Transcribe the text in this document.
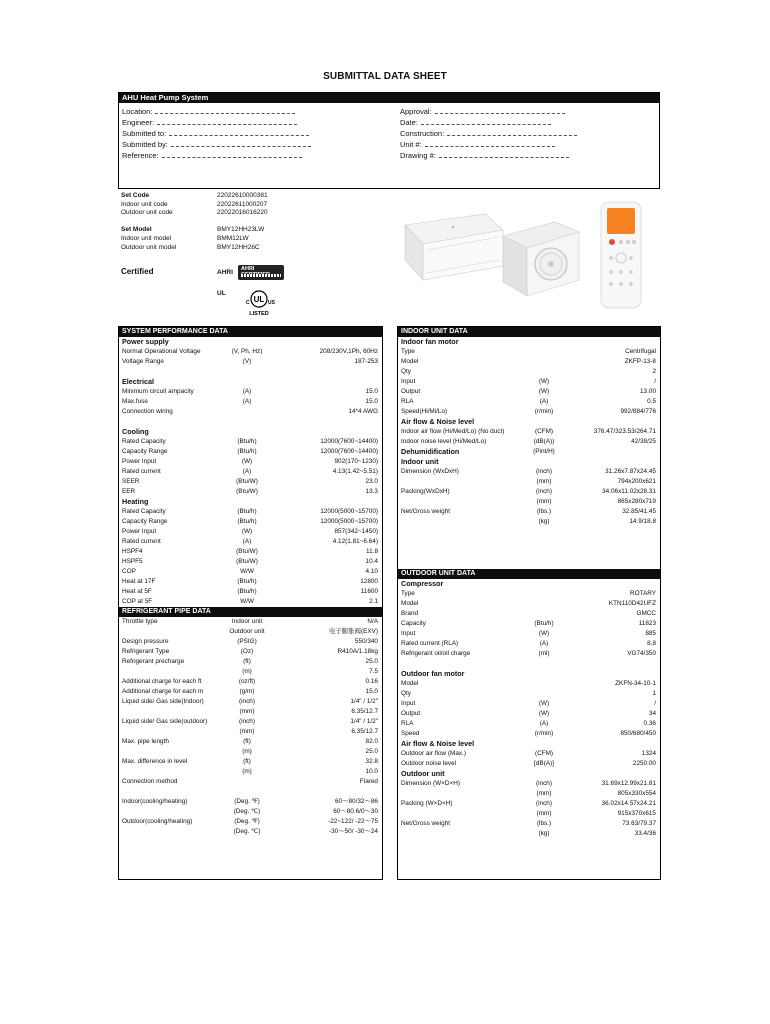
SUBMITTAL DATA SHEET
AHU Heat Pump System
Location:
Engineer:
Submitted to:
Submitted by:
Reference:
Approval:
Date:
Construction:
Unit #:
Drawing #:
Set Code	22022610000381
Indoor unit code	22022611000207
Outdoor unit code	22022016016220
Set Model	BMY12HH23LW
Indoor unit model	BMM12LW
Outdoor unit model	BMY12HH26C
Certified	AHRI	AHRI
UL
UL
C	US
LISTED
SYSTEM PERFORMANCE DATA
Power supply
Normal Operational Voltage	(V, Ph, Hz)	208/230V,1Ph, 60Hz
Voltage Range	(V)	187-253
Electrical
Minimum circuit ampacity	(A)	15.0
Max.fuse	(A)	15.0
Connection wiring	14*4 AWG
Cooling
Rated Capacity	(Btu/h)	12000(7600~14400)
Capacity Range	(Btu/h)	12000(7600~14400)
Power Input	(W)	902(170~1230)
Rated current	(A)	4.13(1.42~5.51)
SEER	(Btu/W)	23.0
EER	(Btu/W)	13.3
Heating
Rated Capacity	(Btu/h)	12000(5000~15700)
Capacity Range	(Btu/h)	12000(5000~15700)
Power Input	(W)	857(342~1450)
Rated current	(A)	4.12(1.81~6.64)
HSPF4	(Btu/W)	11.8
HSPF5	(Btu/W)	10.4
COP	W/W	4.10
Heat at 17F	(Btu/h)	12800
Heat at 5F	(Btu/h)	11600
COP at 5F	W/W	2.1
REFRIGERANT PIPE DATA
Throttle type	Indoor unit	N/A
Outdoor unit	电子膨胀阀(EXV)
Design pressure	(PSIG)	550/340
Refrigerant Type	(Oz)	R410A/1.18kg
Refrigerant precharge	(ft)	25.0
(m)	7.5
Additional charge for each ft	(oz/ft)	0.16
Additional charge for each m	(g/m)	15.0
Liquid side/ Gas side(Indoor)	(inch)	1/4" / 1/2"
(mm)	6.35/12.7
Liquid side/ Gas side(outdoor)	(inch)	1/4" / 1/2"
(mm)	6.35/12.7
Max. pipe length	(ft)	82.0
(m)	25.0
Max. difference in level	(ft)	32.8
(m)	10.0
Connection method	Flared
Indoor(cooling/heating)	(Deg. ℉)	60～80/32～86
(Deg. ℃)	60～80.6/0～30
Outdoor(cooling/heating)	(Deg. ℉)	-22~122/ -22～75
(Deg. ℃)	-30～50/ -30～24
INDOOR UNIT DATA
Indoor fan motor
Type	Centrifugal
Model	ZKFP-13-8
Qty	2
Input	(W)	/
Output	(W)	13.00
RLA	(A)	0.5
Speed(Hi/Mi/Lo)	(r/min)	992/884/776
Air flow & Noise level
Indoor air flow (Hi/Med/Lo) (No duct)	(CFM)	376.47/323.53/264.71
Indoor noise level (Hi/Med/Lo)	(dB(A))	42/38/25
Dehumidification	(Pint/H)
Indoor unit
Dimension (WxDxH)	(inch)	31.26x7.87x24.45
(mm)	794x200x621
Packing(WxDxH)	(inch)	34.06x11.02x28.31
(mm)	865x280x719
Net/Gross weight	(lbs.)	32.85/41.45
(kg)	14.9/18.8
OUTDOOR UNIT DATA
Compressor
Type	ROTARY
Model	KTN110D42UFZ
Brand	GMCC
Capacity	(Btu/h)	11823
Input	(W)	885
Rated current (RLA)	(A)	8.8
Refrigerant oil/oil charge	(ml)	VG74/350
Outdoor fan motor
Model	ZKFN-34-10-1
Qty	1
Input	(W)	/
Output	(W)	34
RLA	(A)	0.36
Speed	(r/min)	850/680/450
Air flow & Noise level
Outdoor air flow (Max.)	(CFM)	1324
Outdoor noise level	[dB(A)]	2250.00
Outdoor unit
Dimension (W×D×H)	(inch)	31.69x12.99x21.81
(mm)	805x330x554
Packing (W×D×H)	(inch)	36.02x14.57x24.21
(mm)	915x370x615
Net/Gross weight	(lbs.)	73.63/79.37
(kg)	33.4/36
